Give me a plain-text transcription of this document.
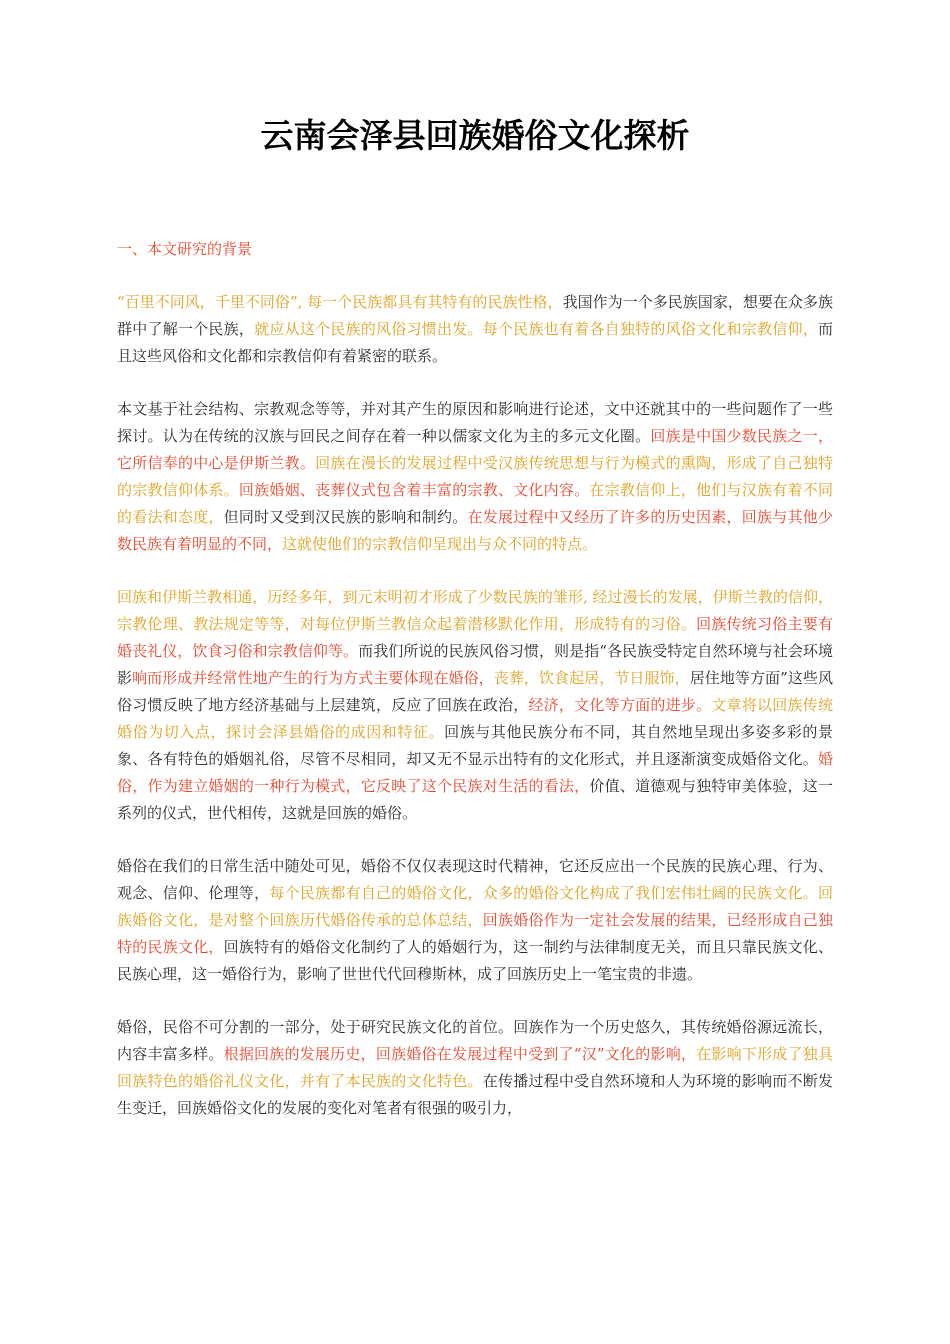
云南会泽县回族婚俗文化探析

一、本文研究的背景

“百里不同风，千里不同俗”, 每一个民族都具有其特有的民族性格，我国作为一个多民族国家，想要在众多族群中了解一个民族，就应从这个民族的风俗习惯出发。每个民族也有着各自独特的风俗文化和宗教信仰，而且这些风俗和文化都和宗教信仰有着紧密的联系。

本文基于社会结构、宗教观念等等，并对其产生的原因和影响进行论述，文中还就其中的一些问题作了一些探讨。认为在传统的汉族与回民之间存在着一种以儒家文化为主的多元文化圈。回族是中国少数民族之一，它所信奉的中心是伊斯兰教。回族在漫长的发展过程中受汉族传统思想与行为模式的熏陶，形成了自己独特的宗教信仰体系。回族婚姻、丧葬仪式包含着丰富的宗教、文化内容。在宗教信仰上，他们与汉族有着不同的看法和态度，但同时又受到汉民族的影响和制约。在发展过程中又经历了许多的历史因素，回族与其他少数民族有着明显的不同，这就使他们的宗教信仰呈现出与众不同的特点。

回族和伊斯兰教相通，历经多年，到元末明初才形成了少数民族的雏形, 经过漫长的发展，伊斯兰教的信仰，宗教伦理、教法规定等等，对每位伊斯兰教信众起着潜移默化作用，形成特有的习俗。回族传统习俗主要有婚丧礼仪，饮食习俗和宗教信仰等。而我们所说的民族风俗习惯，则是指“各民族受特定自然环境与社会环境影响而形成并经常性地产生的行为方式主要体现在婚俗，丧葬，饮食起居，节日服饰，居住地等方面”这些风俗习惯反映了地方经济基础与上层建筑，反应了回族在政治，经济，文化等方面的进步。文章将以回族传统婚俗为切入点，探讨会泽县婚俗的成因和特征。回族与其他民族分布不同，其自然地呈现出多姿多彩的景象、各有特色的婚姻礼俗，尽管不尽相同，却又无不显示出特有的文化形式，并且逐渐演变成婚俗文化。婚俗，作为建立婚姻的一种行为模式，它反映了这个民族对生活的看法，价值、道德观与独特审美体验，这一系列的仪式，世代相传，这就是回族的婚俗。

婚俗在我们的日常生活中随处可见，婚俗不仅仅表现这时代精神，它还反应出一个民族的民族心理、行为、观念、信仰、伦理等，每个民族都有自己的婚俗文化，众多的婚俗文化构成了我们宏伟壮阔的民族文化。回族婚俗文化，是对整个回族历代婚俗传承的总体总结，回族婚俗作为一定社会发展的结果，已经形成自己独特的民族文化，回族特有的婚俗文化制约了人的婚姻行为，这一制约与法律制度无关，而且只靠民族文化、民族心理，这一婚俗行为，影响了世世代代回穆斯林，成了回族历史上一笔宝贵的非遗。

婚俗，民俗不可分割的一部分，处于研究民族文化的首位。回族作为一个历史悠久，其传统婚俗源远流长，内容丰富多样。根据回族的发展历史，回族婚俗在发展过程中受到了“汉”文化的影响，在影响下形成了独具回族特色的婚俗礼仪文化，并有了本民族的文化特色。在传播过程中受自然环境和人为环境的影响而不断发生变迁，回族婚俗文化的发展的变化对笔者有很强的吸引力，
